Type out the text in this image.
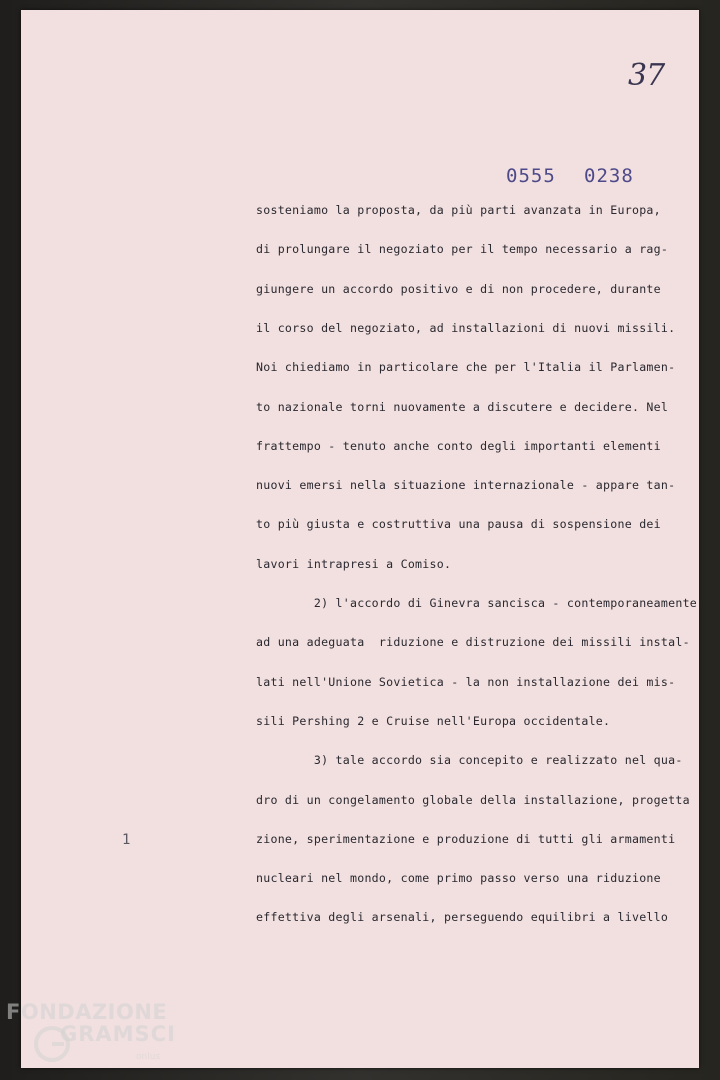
37
0555 0238
sosteniamo la proposta, da più parti avanzata in Europa,
di prolungare il negoziato per il tempo necessario a rag-
giungere un accordo positivo e di non procedere, durante
il corso del negoziato, ad installazioni di nuovi missili.
Noi chiediamo in particolare che per l'Italia il Parlamen-
to nazionale torni nuovamente a discutere e decidere. Nel
frattempo - tenuto anche conto degli importanti elementi
nuovi emersi nella situazione internazionale - appare tan-
to più giusta e costruttiva una pausa di sospensione dei
lavori intrapresi a Comiso.
2) l'accordo di Ginevra sancisca - contemporaneamente
ad una adeguata  riduzione e distruzione dei missili instal-
lati nell'Unione Sovietica - la non installazione dei mis-
sili Pershing 2 e Cruise nell'Europa occidentale.
3) tale accordo sia concepito e realizzato nel qua-
dro di un congelamento globale della installazione, progetta
zione, sperimentazione e produzione di tutti gli armamenti
nucleari nel mondo, come primo passo verso una riduzione
effettiva degli arsenali, perseguendo equilibri a livello
1
FONDAZIONE
GRAMSCI
onlus
